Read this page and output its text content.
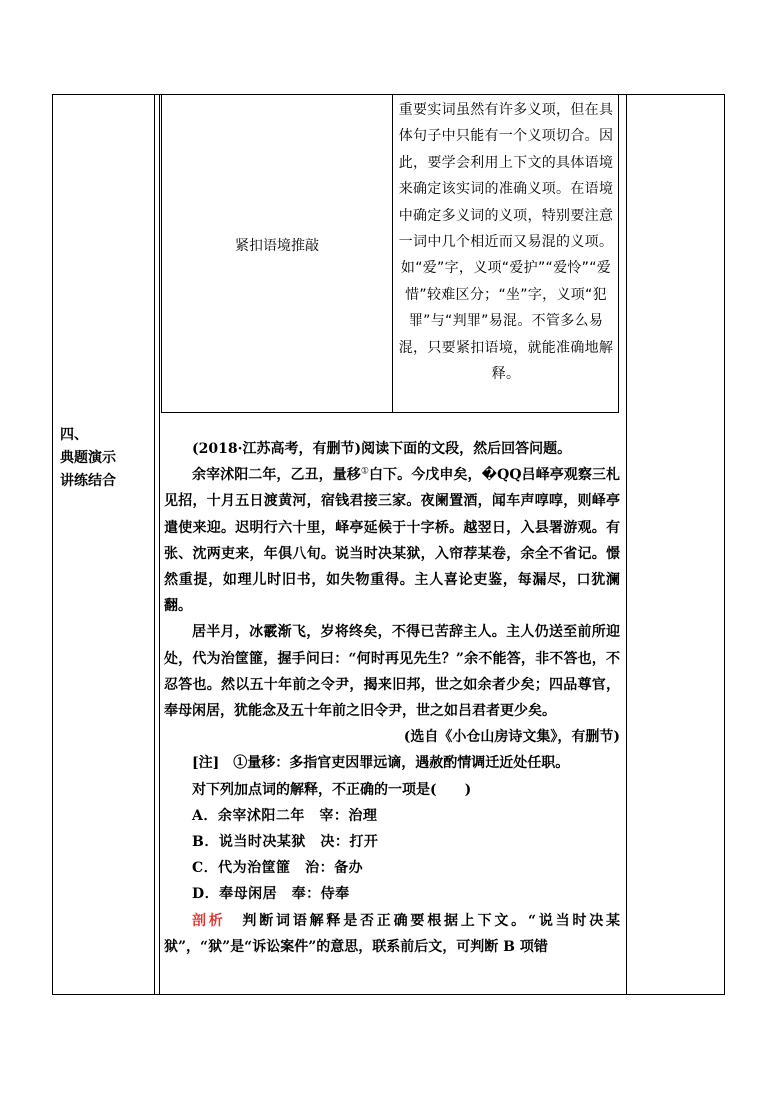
四、
典题演示
讲练结合
紧扣语境推敲
重要实词虽然有许多义项，但在具体句子中只能有一个义项切合。因此，要学会利用上下文的具体语境来确定该实词的准确义项。在语境中确定多义词的义项，特别要注意一词中几个相近而又易混的义项。如“爱”字，义项“爱护”“爱怜”“爱惜”较难区分；“坐”字，义项“犯罪”与“判罪”易混。不管多么易混，只要紧扣语境，就能准确地解释。

(2018·江苏高考，有删节)阅读下面的文段，然后回答问题。

余宰沭阳二年，乙丑，量移①白下。今戊申矣，�QQ吕峄亭观察三札见招，十月五日渡黄河，宿钱君接三家。夜阑置酒，闻车声啍啍，则峄亭遣使来迎。迟明行六十里，峄亭延候于十字桥。越翌日，入县署游观。有张、沈两吏来，年俱八旬。说当时决某狱，入帘荐某卷，余全不省记。憬然重提，如理儿时旧书，如失物重得。主人喜论吏鉴，每漏尽，口犹澜翻。

居半月，冰霰渐飞，岁将终矣，不得已苦辞主人。主人仍送至前所迎处，代为治筐篚，握手问曰：“何时再见先生？”余不能答，非不答也，不忍答也。然以五十年前之令尹，揭来旧邦，世之如余者少矣；四品尊官，奉母闲居，犹能念及五十年前之旧令尹，世之如吕君者更少矣。

(选自《小仓山房诗文集》，有删节)

[注]　①量移：多指官吏因罪远谪，遇赦酌情调迁近处任职。

对下列加点词的解释，不正确的一项是(　　)

A．余宰沭阳二年　宰：治理

B．说当时决某狱　决：打开

C．代为治筐篚　治：备办

D．奉母闲居　奉：侍奉

剖析　 判断词语解释是否正确要根据上下文。“说当时决某狱”，“狱”是“诉讼案件”的意思，联系前后文，可判断 B 项错
